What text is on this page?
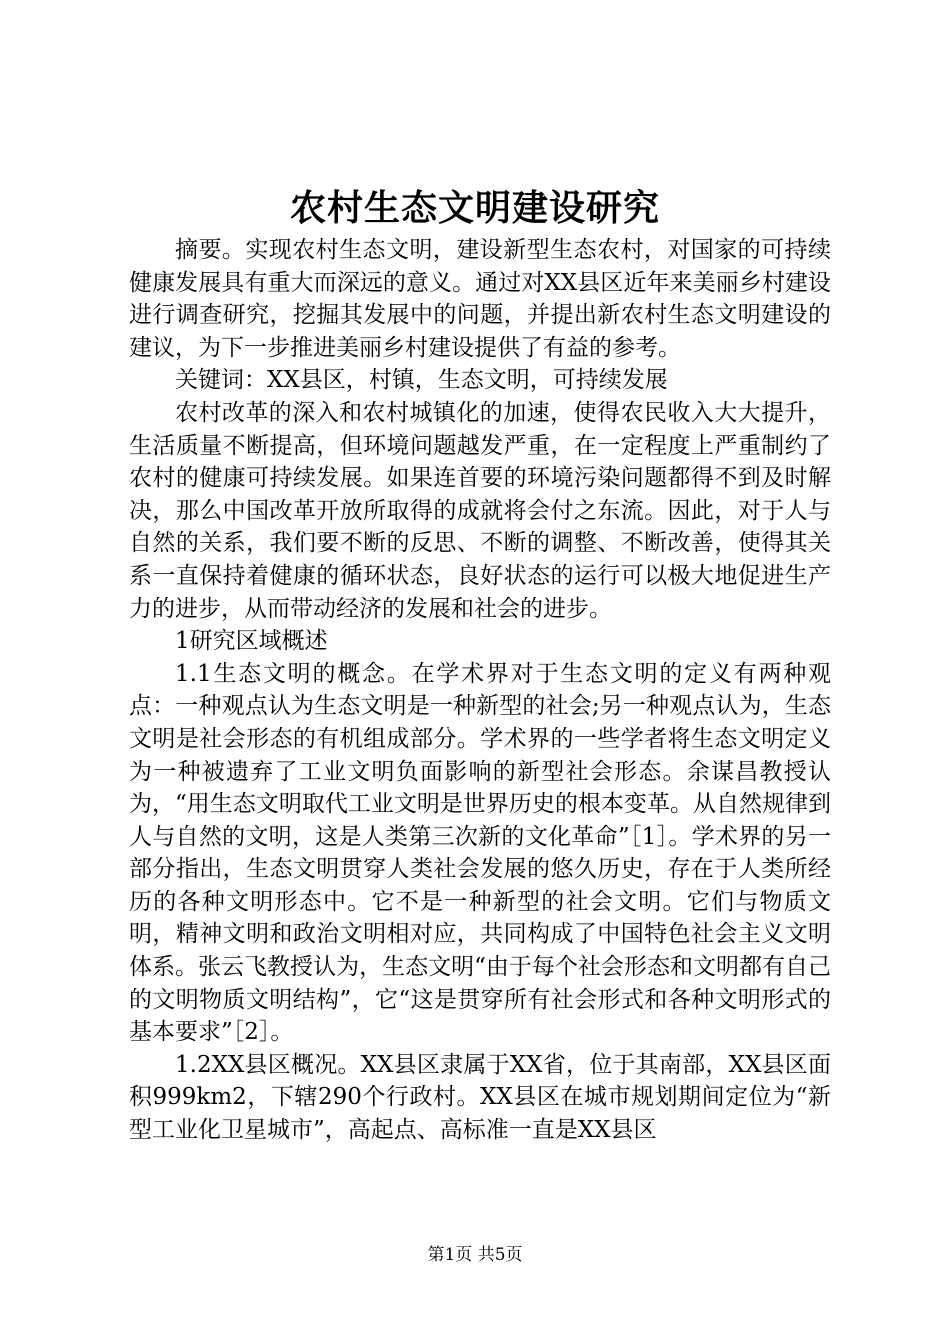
农村生态文明建设研究

摘要。实现农村生态文明，建设新型生态农村，对国家的可持续健康发展具有重大而深远的意义。通过对XX县区近年来美丽乡村建设进行调查研究，挖掘其发展中的问题，并提出新农村生态文明建设的建议，为下一步推进美丽乡村建设提供了有益的参考。

关键词：XX县区，村镇，生态文明，可持续发展

农村改革的深入和农村城镇化的加速，使得农民收入大大提升，生活质量不断提高，但环境问题越发严重，在一定程度上严重制约了农村的健康可持续发展。如果连首要的环境污染问题都得不到及时解决，那么中国改革开放所取得的成就将会付之东流。因此，对于人与自然的关系，我们要不断的反思、不断的调整、不断改善，使得其关系一直保持着健康的循环状态，良好状态的运行可以极大地促进生产力的进步，从而带动经济的发展和社会的进步。

1研究区域概述

1.1生态文明的概念。在学术界对于生态文明的定义有两种观点：一种观点认为生态文明是一种新型的社会;另一种观点认为，生态文明是社会形态的有机组成部分。学术界的一些学者将生态文明定义为一种被遗弃了工业文明负面影响的新型社会形态。余谋昌教授认为，“用生态文明取代工业文明是世界历史的根本变革。从自然规律到人与自然的文明，这是人类第三次新的文化革命”［1］。学术界的另一部分指出，生态文明贯穿人类社会发展的悠久历史，存在于人类所经历的各种文明形态中。它不是一种新型的社会文明。它们与物质文明，精神文明和政治文明相对应，共同构成了中国特色社会主义文明体系。张云飞教授认为，生态文明“由于每个社会形态和文明都有自己的文明物质文明结构”，它“这是贯穿所有社会形式和各种文明形式的基本要求”［2］。

1.2XX县区概况。XX县区隶属于XX省，位于其南部，XX县区面积999km2，下辖290个行政村。XX县区在城市规划期间定位为“新型工业化卫星城市”，高起点、高标准一直是XX县区

第1页 共5页
